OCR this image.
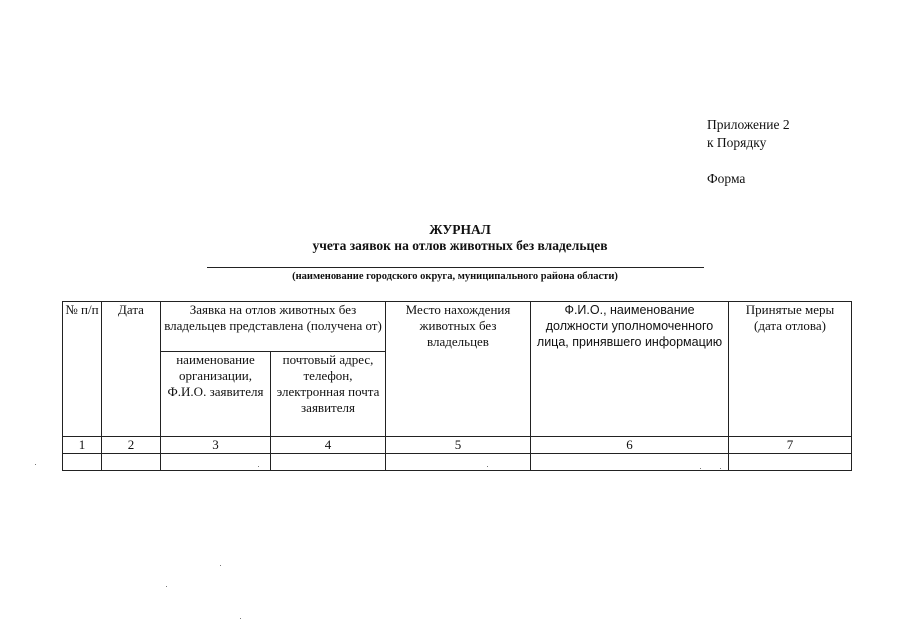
Приложение 2
к Порядку
Форма
ЖУРНАЛ
учета заявок на отлов животных без владельцев
(наименование городского округа, муниципального района области)
№ п/п	Дата	Заявка на отлов животных без владельцев представлена (получена от)		Место нахождения животных без владельцев	Ф.И.О., наименование должности уполномоченного лица, принявшего информацию	Принятые меры (дата отлова)
		наименование организации, Ф.И.О. заявителя	почтовый адрес, телефон, электронная почта заявителя			
1	2	3	4	5	6	7
